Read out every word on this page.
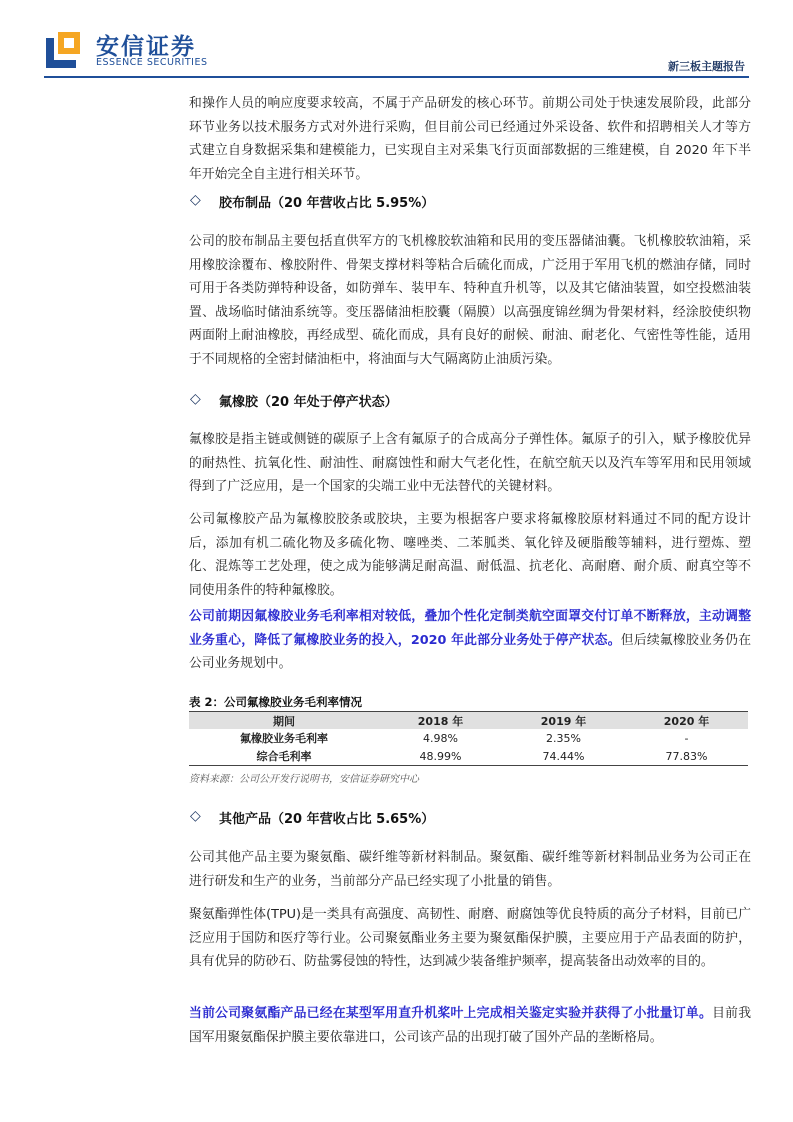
安信证券
ESSENCE SECURITIES	新三板主题报告

和操作人员的响应度要求较高，不属于产品研发的核心环节。前期公司处于快速发展阶段，此部分环节业务以技术服务方式对外进行采购，但目前公司已经通过外采设备、软件和招聘相关人才等方式建立自身数据采集和建模能力，已实现自主对采集飞行页面部数据的三维建模，自 2020 年下半年开始完全自主进行相关环节。

◇ 胶布制品（20 年营收占比 5.95%）

公司的胶布制品主要包括直供军方的飞机橡胶软油箱和民用的变压器储油囊。飞机橡胶软油箱，采用橡胶涂覆布、橡胶附件、骨架支撑材料等粘合后硫化而成，广泛用于军用飞机的燃油存储，同时可用于各类防弹特种设备，如防弹车、装甲车、特种直升机等，以及其它储油装置，如空投燃油装置、战场临时储油系统等。变压器储油柜胶囊（隔膜）以高强度锦丝绸为骨架材料，经涂胶使织物两面附上耐油橡胶，再经成型、硫化而成，具有良好的耐候、耐油、耐老化、气密性等性能，适用于不同规格的全密封储油柜中，将油面与大气隔离防止油质污染。

◇ 氟橡胶（20 年处于停产状态）

氟橡胶是指主链或侧链的碳原子上含有氟原子的合成高分子弹性体。氟原子的引入，赋予橡胶优异的耐热性、抗氧化性、耐油性、耐腐蚀性和耐大气老化性，在航空航天以及汽车等军用和民用领域得到了广泛应用，是一个国家的尖端工业中无法替代的关键材料。

公司氟橡胶产品为氟橡胶胶条或胶块，主要为根据客户要求将氟橡胶原材料通过不同的配方设计后，添加有机二硫化物及多硫化物、噻唑类、二苯胍类、氧化锌及硬脂酸等辅料，进行塑炼、塑化、混炼等工艺处理，使之成为能够满足耐高温、耐低温、抗老化、高耐磨、耐介质、耐真空等不同使用条件的特种氟橡胶。

公司前期因氟橡胶业务毛利率相对较低，叠加个性化定制类航空面罩交付订单不断释放，主动调整业务重心，降低了氟橡胶业务的投入，2020 年此部分业务处于停产状态。但后续氟橡胶业务仍在公司业务规划中。

表 2：公司氟橡胶业务毛利率情况
期间	2018 年	2019 年	2020 年
氟橡胶业务毛利率	4.98%	2.35%	-
综合毛利率	48.99%	74.44%	77.83%
资料来源：公司公开发行说明书，安信证券研究中心
◇ 其他产品（20 年营收占比 5.65%）

公司其他产品主要为聚氨酯、碳纤维等新材料制品。聚氨酯、碳纤维等新材料制品业务为公司正在进行研发和生产的业务，当前部分产品已经实现了小批量的销售。

聚氨酯弹性体(TPU)是一类具有高强度、高韧性、耐磨、耐腐蚀等优良特质的高分子材料，目前已广泛应用于国防和医疗等行业。公司聚氨酯业务主要为聚氨酯保护膜，主要应用于产品表面的防护，具有优异的防砂石、防盐雾侵蚀的特性，达到减少装备维护频率，提高装备出动效率的目的。

当前公司聚氨酯产品已经在某型军用直升机桨叶上完成相关鉴定实验并获得了小批量订单。目前我国军用聚氨酯保护膜主要依靠进口，公司该产品的出现打破了国外产品的垄断格局。
